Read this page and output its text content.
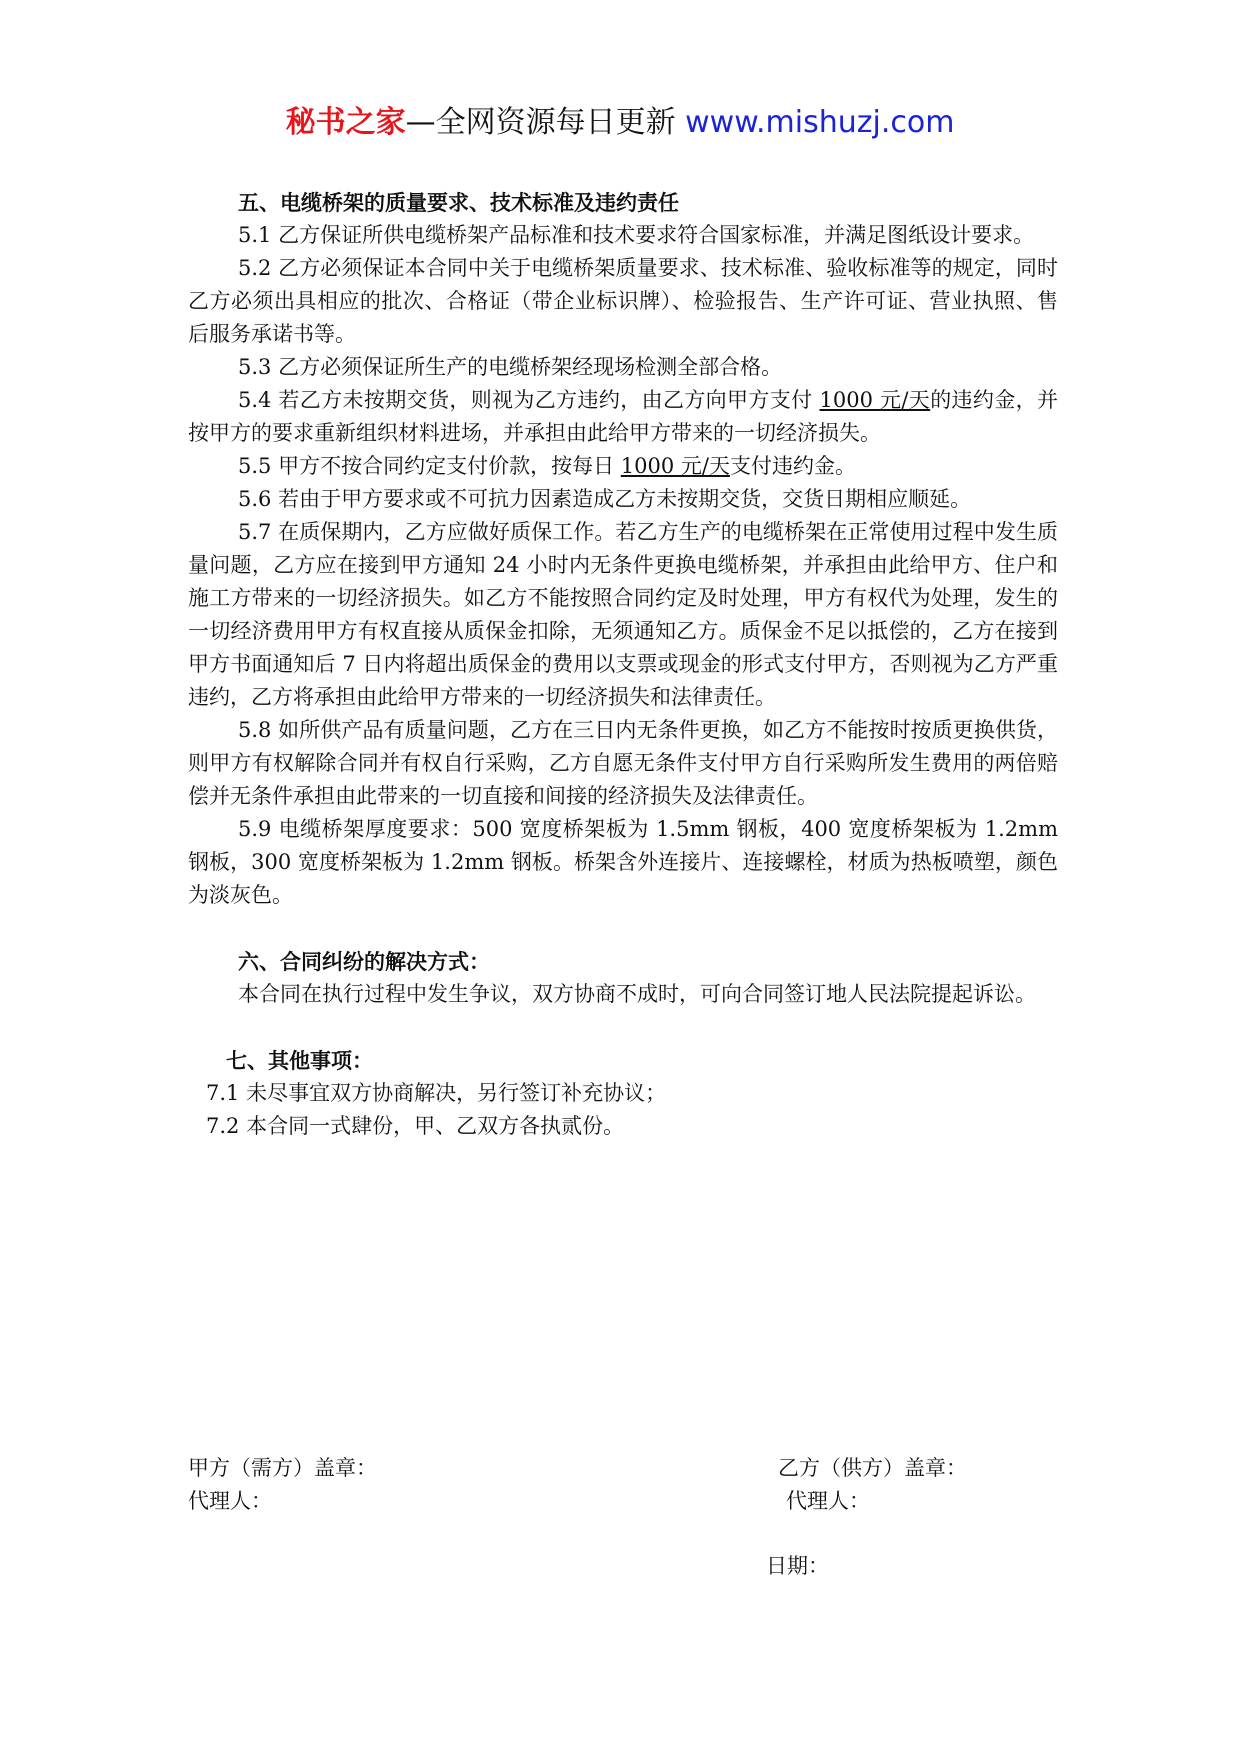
秘书之家—全网资源每日更新 www.mishuzj.com

五、电缆桥架的质量要求、技术标准及违约责任

5.1 乙方保证所供电缆桥架产品标准和技术要求符合国家标准，并满足图纸设计要求。

5.2 乙方必须保证本合同中关于电缆桥架质量要求、技术标准、验收标准等的规定，同时乙方必须出具相应的批次、合格证（带企业标识牌）、检验报告、生产许可证、营业执照、售后服务承诺书等。

5.3 乙方必须保证所生产的电缆桥架经现场检测全部合格。

5.4 若乙方未按期交货，则视为乙方违约，由乙方向甲方支付 1000 元/天的违约金，并按甲方的要求重新组织材料进场，并承担由此给甲方带来的一切经济损失。

5.5 甲方不按合同约定支付价款，按每日 1000 元/天支付违约金。

5.6 若由于甲方要求或不可抗力因素造成乙方未按期交货，交货日期相应顺延。

5.7 在质保期内，乙方应做好质保工作。若乙方生产的电缆桥架在正常使用过程中发生质量问题，乙方应在接到甲方通知 24 小时内无条件更换电缆桥架，并承担由此给甲方、住户和施工方带来的一切经济损失。如乙方不能按照合同约定及时处理，甲方有权代为处理，发生的一切经济费用甲方有权直接从质保金扣除，无须通知乙方。质保金不足以抵偿的，乙方在接到甲方书面通知后 7 日内将超出质保金的费用以支票或现金的形式支付甲方，否则视为乙方严重违约，乙方将承担由此给甲方带来的一切经济损失和法律责任。

5.8 如所供产品有质量问题，乙方在三日内无条件更换，如乙方不能按时按质更换供货，则甲方有权解除合同并有权自行采购，乙方自愿无条件支付甲方自行采购所发生费用的两倍赔偿并无条件承担由此带来的一切直接和间接的经济损失及法律责任。

5.9 电缆桥架厚度要求：500 宽度桥架板为 1.5mm 钢板，400 宽度桥架板为 1.2mm 钢板，300 宽度桥架板为 1.2mm 钢板。桥架含外连接片、连接螺栓，材质为热板喷塑，颜色为淡灰色。

六、合同纠纷的解决方式：

本合同在执行过程中发生争议，双方协商不成时，可向合同签订地人民法院提起诉讼。

七、其他事项：

7.1 未尽事宜双方协商解决，另行签订补充协议；

7.2 本合同一式肆份，甲、乙双方各执贰份。

甲方（需方）盖章：
代理人：
乙方（供方）盖章：
代理人：
日期：
